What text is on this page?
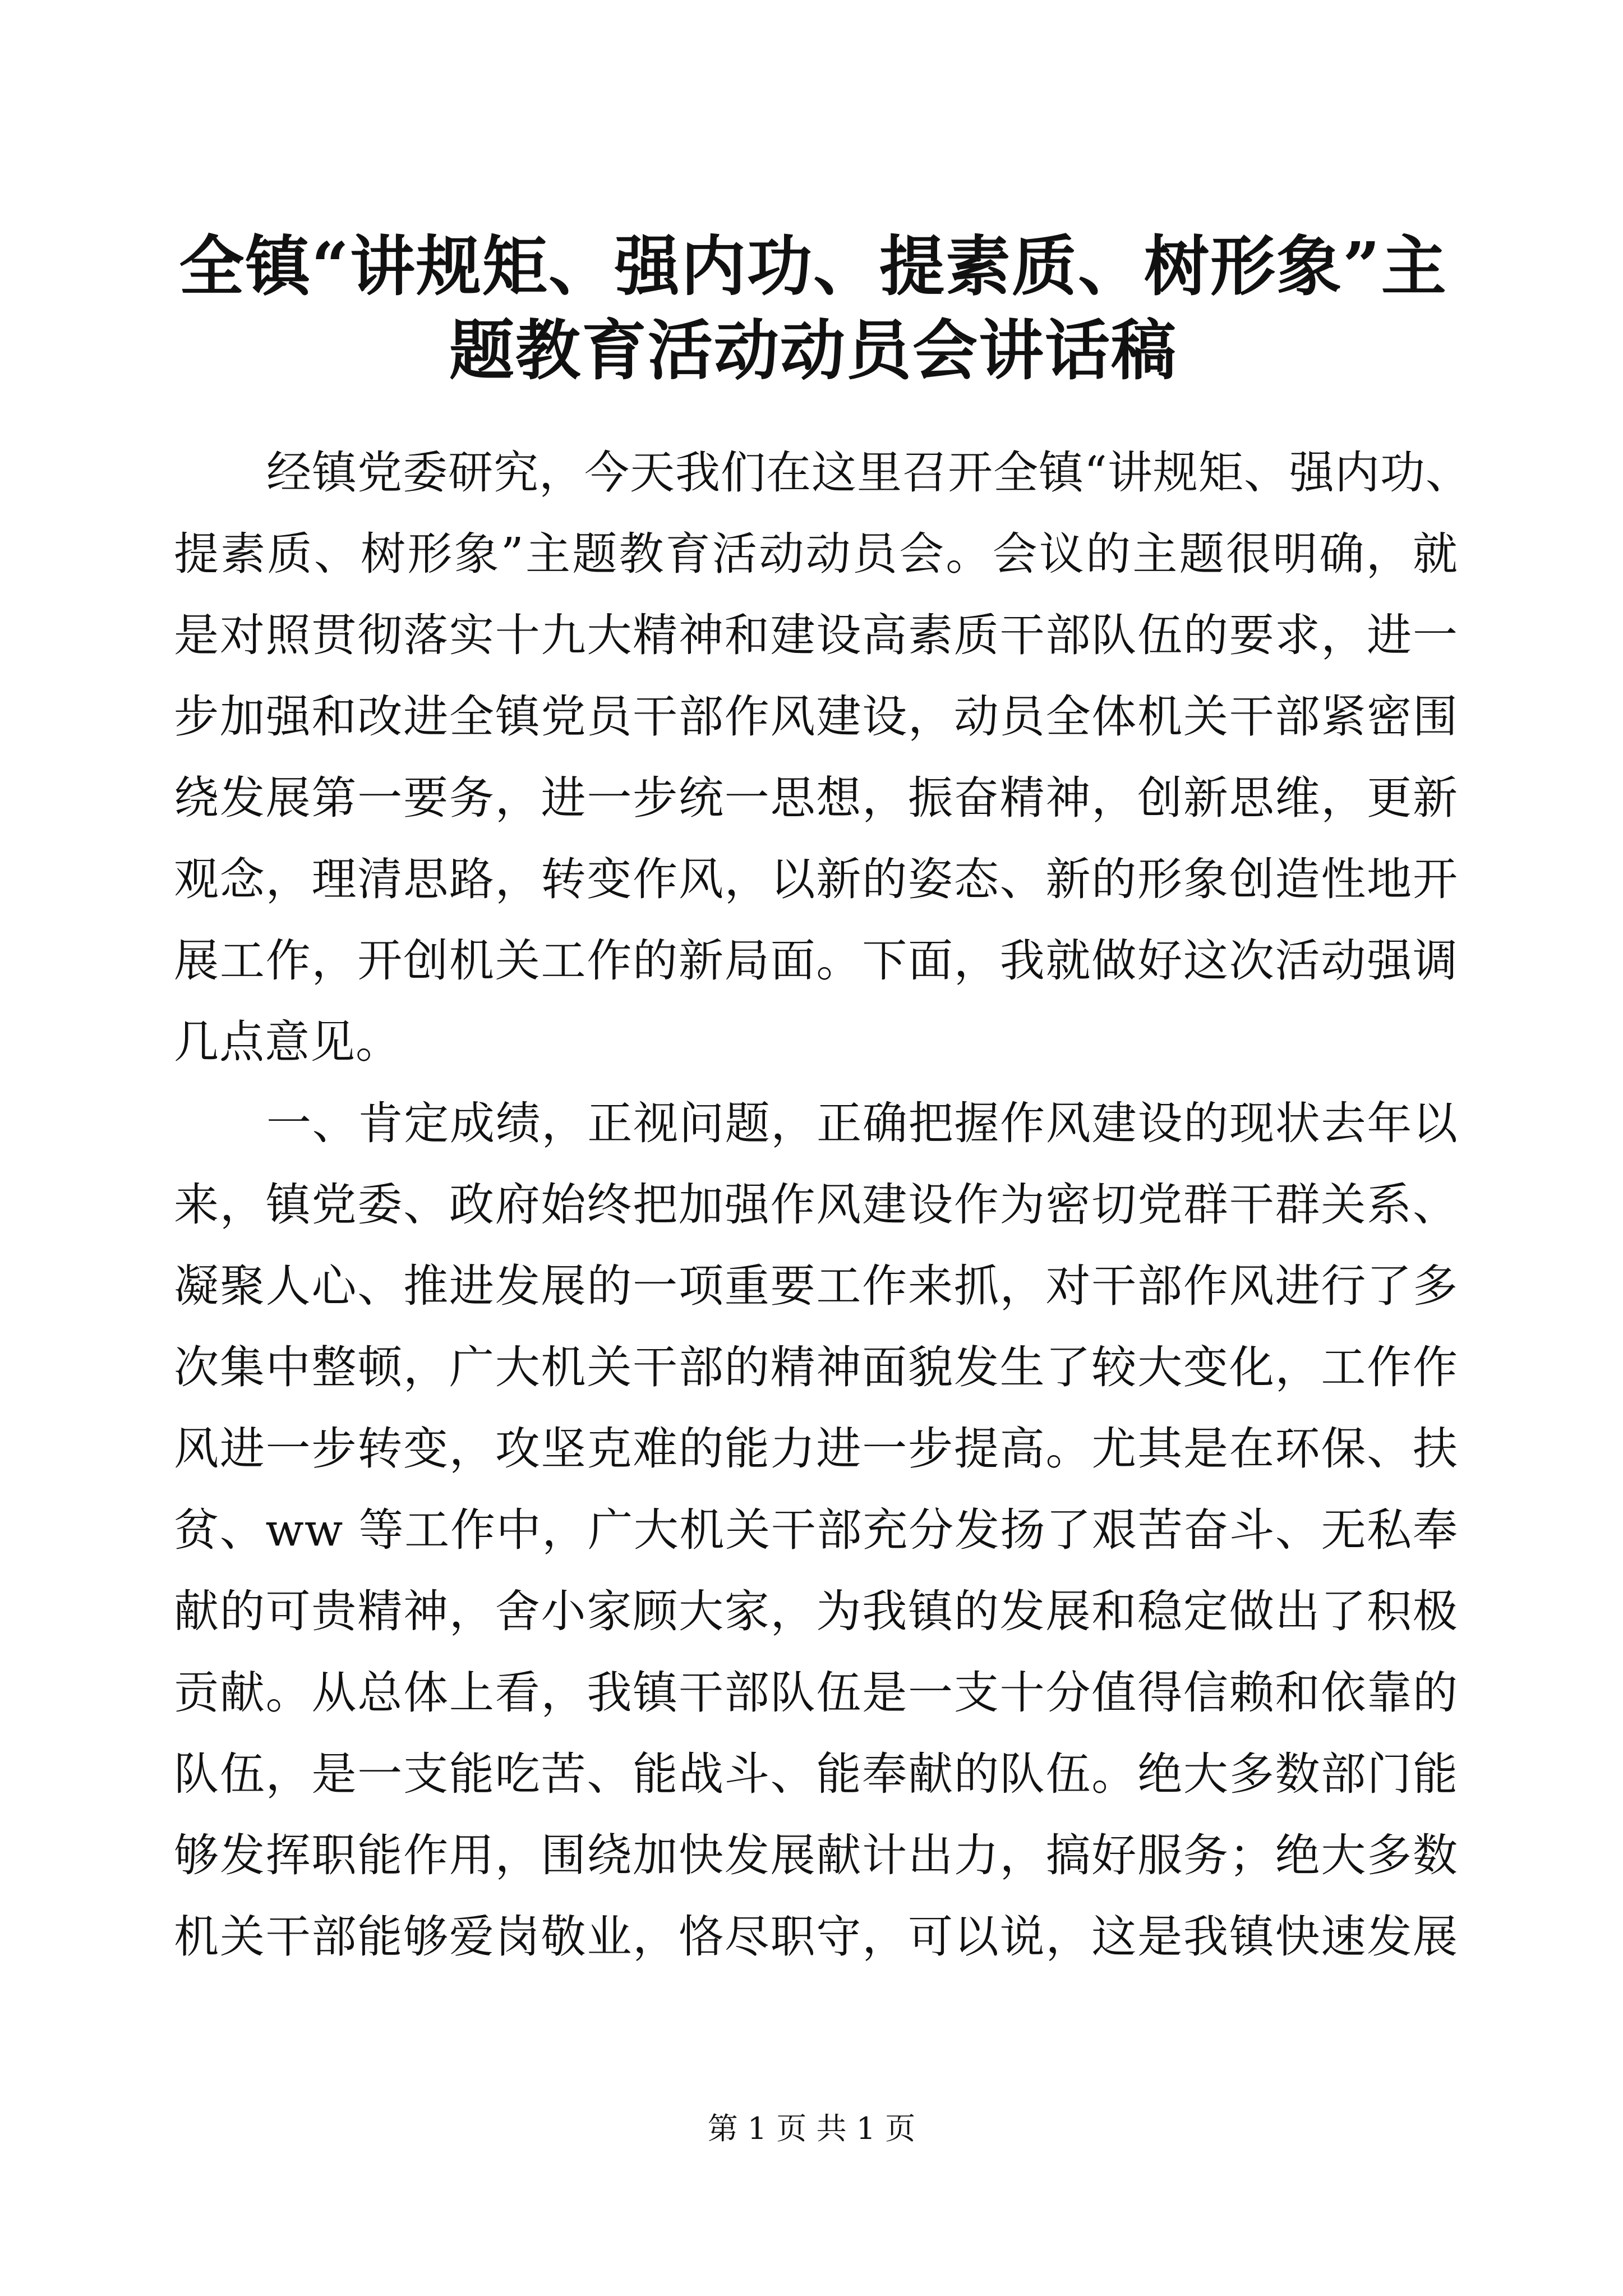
全镇“讲规矩、强内功、提素质、树形象”主
题教育活动动员会讲话稿
经镇党委研究，今天我们在这里召开全镇“讲规矩、强内功、
提素质、树形象”主题教育活动动员会。会议的主题很明确，就
是对照贯彻落实十九大精神和建设高素质干部队伍的要求，进一
步加强和改进全镇党员干部作风建设，动员全体机关干部紧密围
绕发展第一要务，进一步统一思想，振奋精神，创新思维，更新
观念，理清思路，转变作风，以新的姿态、新的形象创造性地开
展工作，开创机关工作的新局面。下面，我就做好这次活动强调
几点意见。
一、肯定成绩，正视问题，正确把握作风建设的现状去年以
来，镇党委、政府始终把加强作风建设作为密切党群干群关系、
凝聚人心、推进发展的一项重要工作来抓，对干部作风进行了多
次集中整顿，广大机关干部的精神面貌发生了较大变化，工作作
风进一步转变，攻坚克难的能力进一步提高。尤其是在环保、扶
贫、ww 等工作中，广大机关干部充分发扬了艰苦奋斗、无私奉
献的可贵精神，舍小家顾大家，为我镇的发展和稳定做出了积极
贡献。从总体上看，我镇干部队伍是一支十分值得信赖和依靠的
队伍，是一支能吃苦、能战斗、能奉献的队伍。绝大多数部门能
够发挥职能作用，围绕加快发展献计出力，搞好服务；绝大多数
机关干部能够爱岗敬业，恪尽职守，可以说，这是我镇快速发展
第 1 页 共 1 页
